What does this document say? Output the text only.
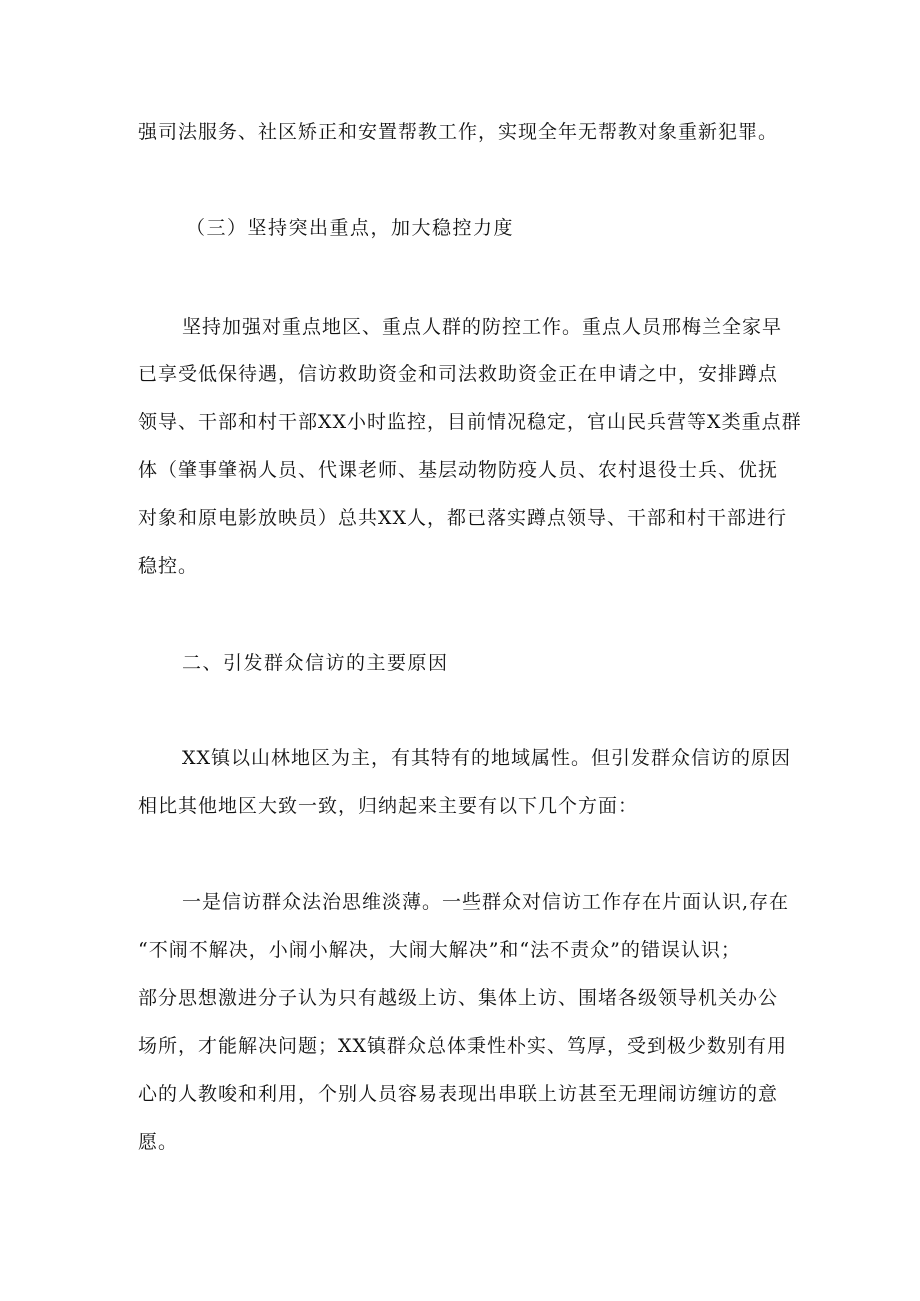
强司法服务、社区矫正和安置帮教工作，实现全年无帮教对象重新犯罪。
（三）坚持突出重点，加大稳控力度
坚持加强对重点地区、重点人群的防控工作。重点人员邢梅兰全家早
已享受低保待遇，信访救助资金和司法救助资金正在申请之中，安排蹲点
领导、干部和村干部XX小时监控，目前情况稳定，官山民兵营等X类重点群
体（肇事肇祸人员、代课老师、基层动物防疫人员、农村退役士兵、优抚
对象和原电影放映员）总共XX人，都已落实蹲点领导、干部和村干部进行
稳控。
二、引发群众信访的主要原因
XX镇以山林地区为主，有其特有的地域属性。但引发群众信访的原因
相比其他地区大致一致，归纳起来主要有以下几个方面：
一是信访群众法治思维淡薄。一些群众对信访工作存在片面认识,存在
“不闹不解决，小闹小解决，大闹大解决”和“法不责众”的错误认识；
部分思想激进分子认为只有越级上访、集体上访、围堵各级领导机关办公
场所，才能解决问题；XX镇群众总体秉性朴实、笃厚，受到极少数别有用
心的人教唆和利用，个别人员容易表现出串联上访甚至无理闹访缠访的意
愿。
